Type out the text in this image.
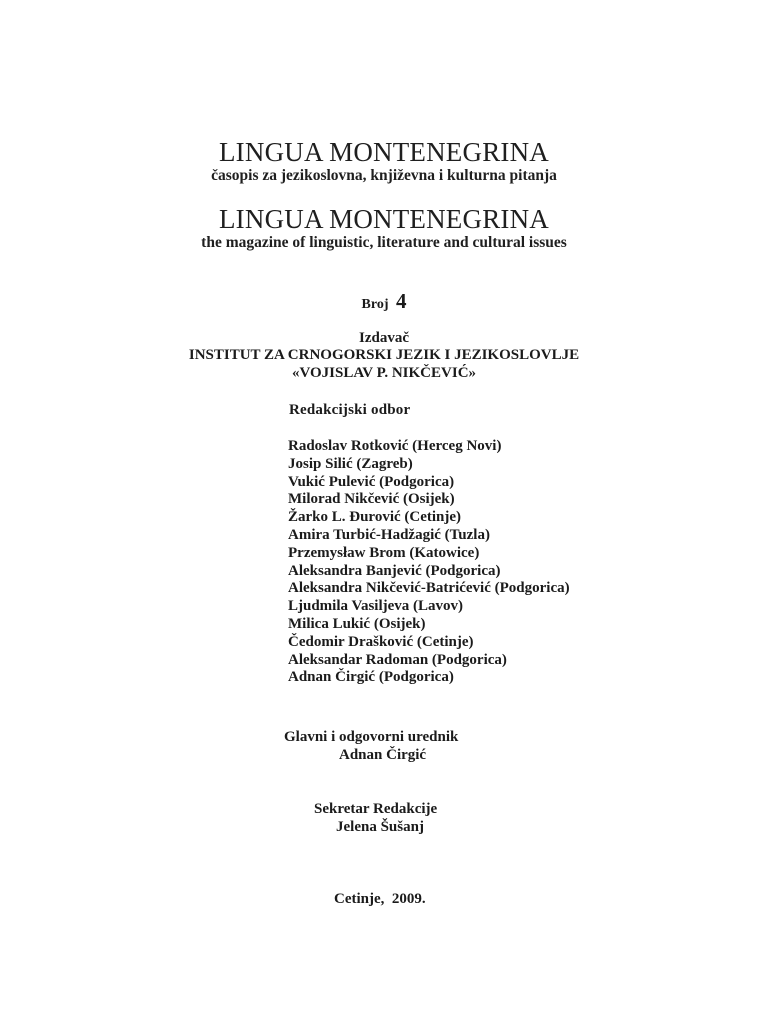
LINGUA MONTENEGRINA
časopis za jezikoslovna, književna i kulturna pitanja
LINGUA MONTENEGRINA
the magazine of linguistic, literature and cultural issues
Broj 4
Izdavač
INSTITUT ZA CRNOGORSKI JEZIK I JEZIKOSLOVLJE
«VOJISLAV P. NIKČEVIĆ»
Redakcijski odbor
Radoslav Rotković (Herceg Novi)
Josip Silić (Zagreb)
Vukić Pulević (Podgorica)
Milorad Nikčević (Osijek)
Žarko L. Đurović (Cetinje)
Amira Turbić-Hadžagić (Tuzla)
Przemysław Brom (Katowice)
Aleksandra Banjević (Podgorica)
Aleksandra Nikčević-Batrićević (Podgorica)
Ljudmila Vasiljeva (Lavov)
Milica Lukić (Osijek)
Čedomir Drašković (Cetinje)
Aleksandar Radoman (Podgorica)
Adnan Čirgić (Podgorica)
Glavni i odgovorni urednik
Adnan Čirgić
Sekretar Redakcije
Jelena Šušanj
Cetinje,  2009.
